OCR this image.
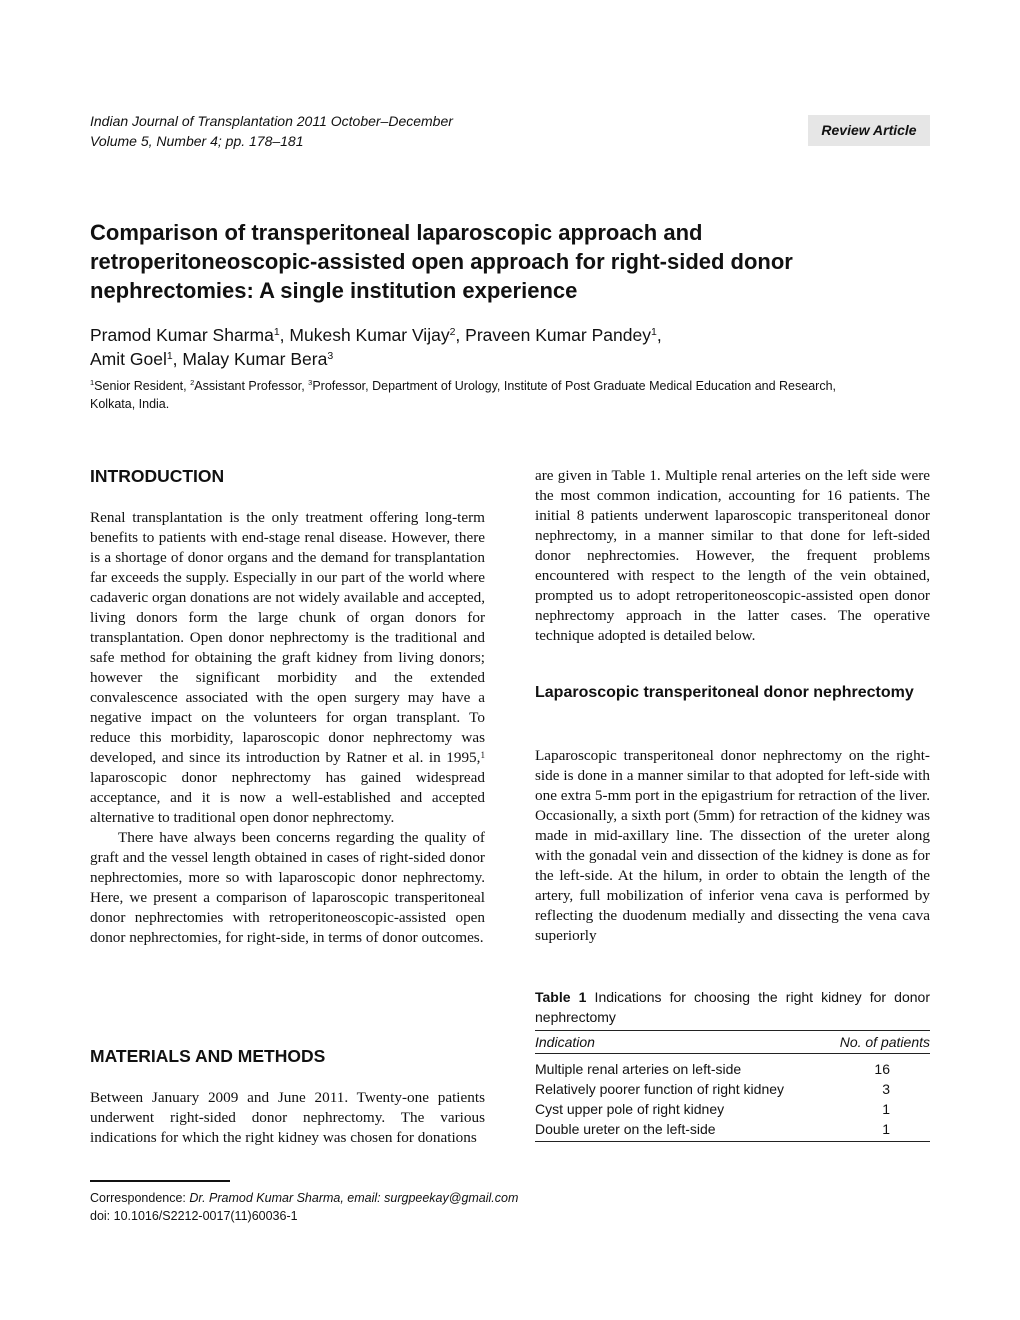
Indian Journal of Transplantation 2011 October–December
Volume 5, Number 4; pp. 178–181
Review Article
Comparison of transperitoneal laparoscopic approach and retroperitoneoscopic-assisted open approach for right-sided donor nephrectomies: A single institution experience
Pramod Kumar Sharma$^1$, Mukesh Kumar Vijay$^2$, Praveen Kumar Pandey$^1$,
Amit Goel$^1$, Malay Kumar Bera$^3$
$^1$Senior Resident, $^2$Assistant Professor, $^3$Professor, Department of Urology, Institute of Post Graduate Medical Education and Research,
Kolkata, India.
INTRODUCTION

Renal transplantation is the only treatment offering long-term benefits to patients with end-stage renal disease. However, there is a shortage of donor organs and the demand for transplantation far exceeds the supply. Especially in our part of the world where cadaveric organ donations are not widely available and accepted, living donors form the large chunk of organ donors for transplantation. Open donor nephrectomy is the traditional and safe method for obtaining the graft kidney from living donors; however the significant morbidity and the extended convalescence associated with the open surgery may have a negative impact on the volunteers for organ transplant. To reduce this morbidity, laparoscopic donor nephrectomy was developed, and since its introduction by Ratner et al. in 1995,$^1$ laparoscopic donor nephrectomy has gained widespread acceptance, and it is now a well-established and accepted alternative to traditional open donor nephrectomy.

There have always been concerns regarding the quality of graft and the vessel length obtained in cases of right-sided donor nephrectomies, more so with laparoscopic donor nephrectomy. Here, we present a comparison of laparoscopic transperitoneal donor nephrectomies with retroperitoneoscopic-assisted open donor nephrectomies, for right-side, in terms of donor outcomes.

MATERIALS AND METHODS

Between January 2009 and June 2011. Twenty-one patients underwent right-sided donor nephrectomy. The various indications for which the right kidney was chosen for donations

are given in Table 1. Multiple renal arteries on the left side were the most common indication, accounting for 16 patients. The initial 8 patients underwent laparoscopic transperitoneal donor nephrectomy, in a manner similar to that done for left-sided donor nephrectomies. However, the frequent problems encountered with respect to the length of the vein obtained, prompted us to adopt retroperitoneoscopic-assisted open donor nephrectomy approach in the latter cases. The operative technique adopted is detailed below.

Laparoscopic transperitoneal donor nephrectomy

Laparoscopic transperitoneal donor nephrectomy on the right-side is done in a manner similar to that adopted for left-side with one extra 5-mm port in the epigastrium for retraction of the liver. Occasionally, a sixth port (5mm) for retraction of the kidney was made in mid-axillary line. The dissection of the ureter along with the gonadal vein and dissection of the kidney is done as for the left-side. At the hilum, in order to obtain the length of the artery, full mobilization of inferior vena cava is performed by reflecting the duodenum medially and dissecting the vena cava superiorly

Table 1 Indications for choosing the right kidney for donor nephrectomy
Indication	No. of patients
Multiple renal arteries on left-side	16
Relatively poorer function of right kidney	3
Cyst upper pole of right kidney	1
Double ureter on the left-side	1
Correspondence: Dr. Pramod Kumar Sharma, email: surgpeekay@gmail.com
doi: 10.1016/S2212-0017(11)60036-1
